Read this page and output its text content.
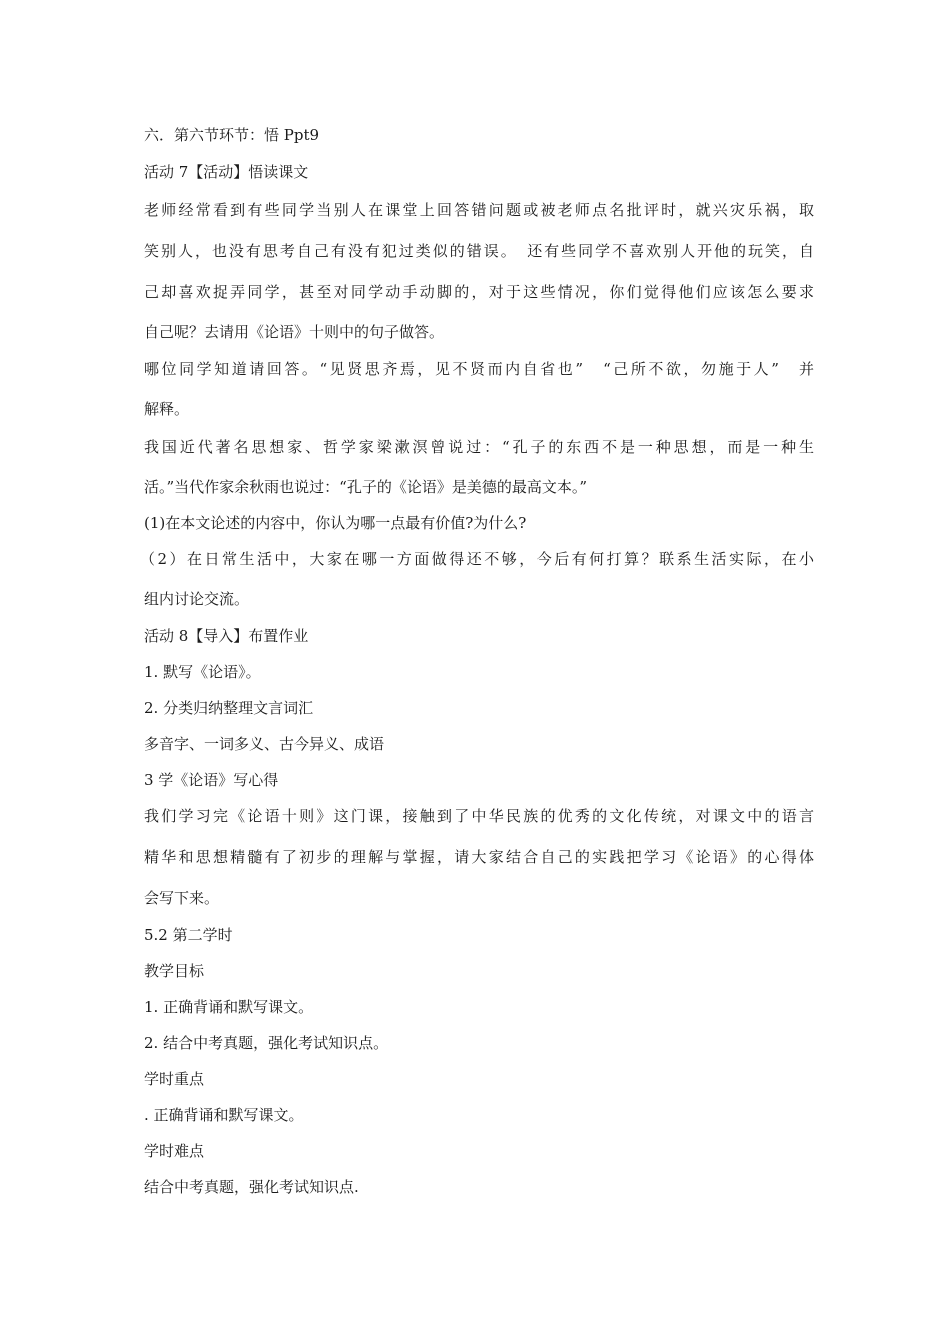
六．第六节环节：悟 Ppt9
活动 7【活动】悟读课文
老师经常看到有些同学当别人在课堂上回答错问题或被老师点名批评时，就兴灾乐祸，取
笑别人，也没有思考自己有没有犯过类似的错误。　还有些同学不喜欢别人开他的玩笑，自
己却喜欢捉弄同学，甚至对同学动手动脚的，对于这些情况，你们觉得他们应该怎么要求
自己呢？去请用《论语》十则中的句子做答。
哪位同学知道请回答。“见贤思齐焉，见不贤而内自省也”　“己所不欲，勿施于人”　并
解释。
我国近代著名思想家、哲学家梁漱溟曾说过：“孔子的东西不是一种思想，而是一种生
活。”当代作家余秋雨也说过：“孔子的《论语》是美德的最高文本。”
(1)在本文论述的内容中，你认为哪一点最有价值?为什么?
（2）在日常生活中，大家在哪一方面做得还不够，今后有何打算？联系生活实际，在小
组内讨论交流。
活动 8【导入】布置作业
1. 默写《论语》。
2. 分类归纳整理文言词汇
多音字、一词多义、古今异义、成语
3 学《论语》写心得
我们学习完《论语十则》这门课，接触到了中华民族的优秀的文化传统，对课文中的语言
精华和思想精髓有了初步的理解与掌握，请大家结合自己的实践把学习《论语》的心得体
会写下来。
5.2 第二学时
教学目标
1. 正确背诵和默写课文。
2. 结合中考真题，强化考试知识点。
学时重点
. 正确背诵和默写课文。
学时难点
结合中考真题，强化考试知识点.
